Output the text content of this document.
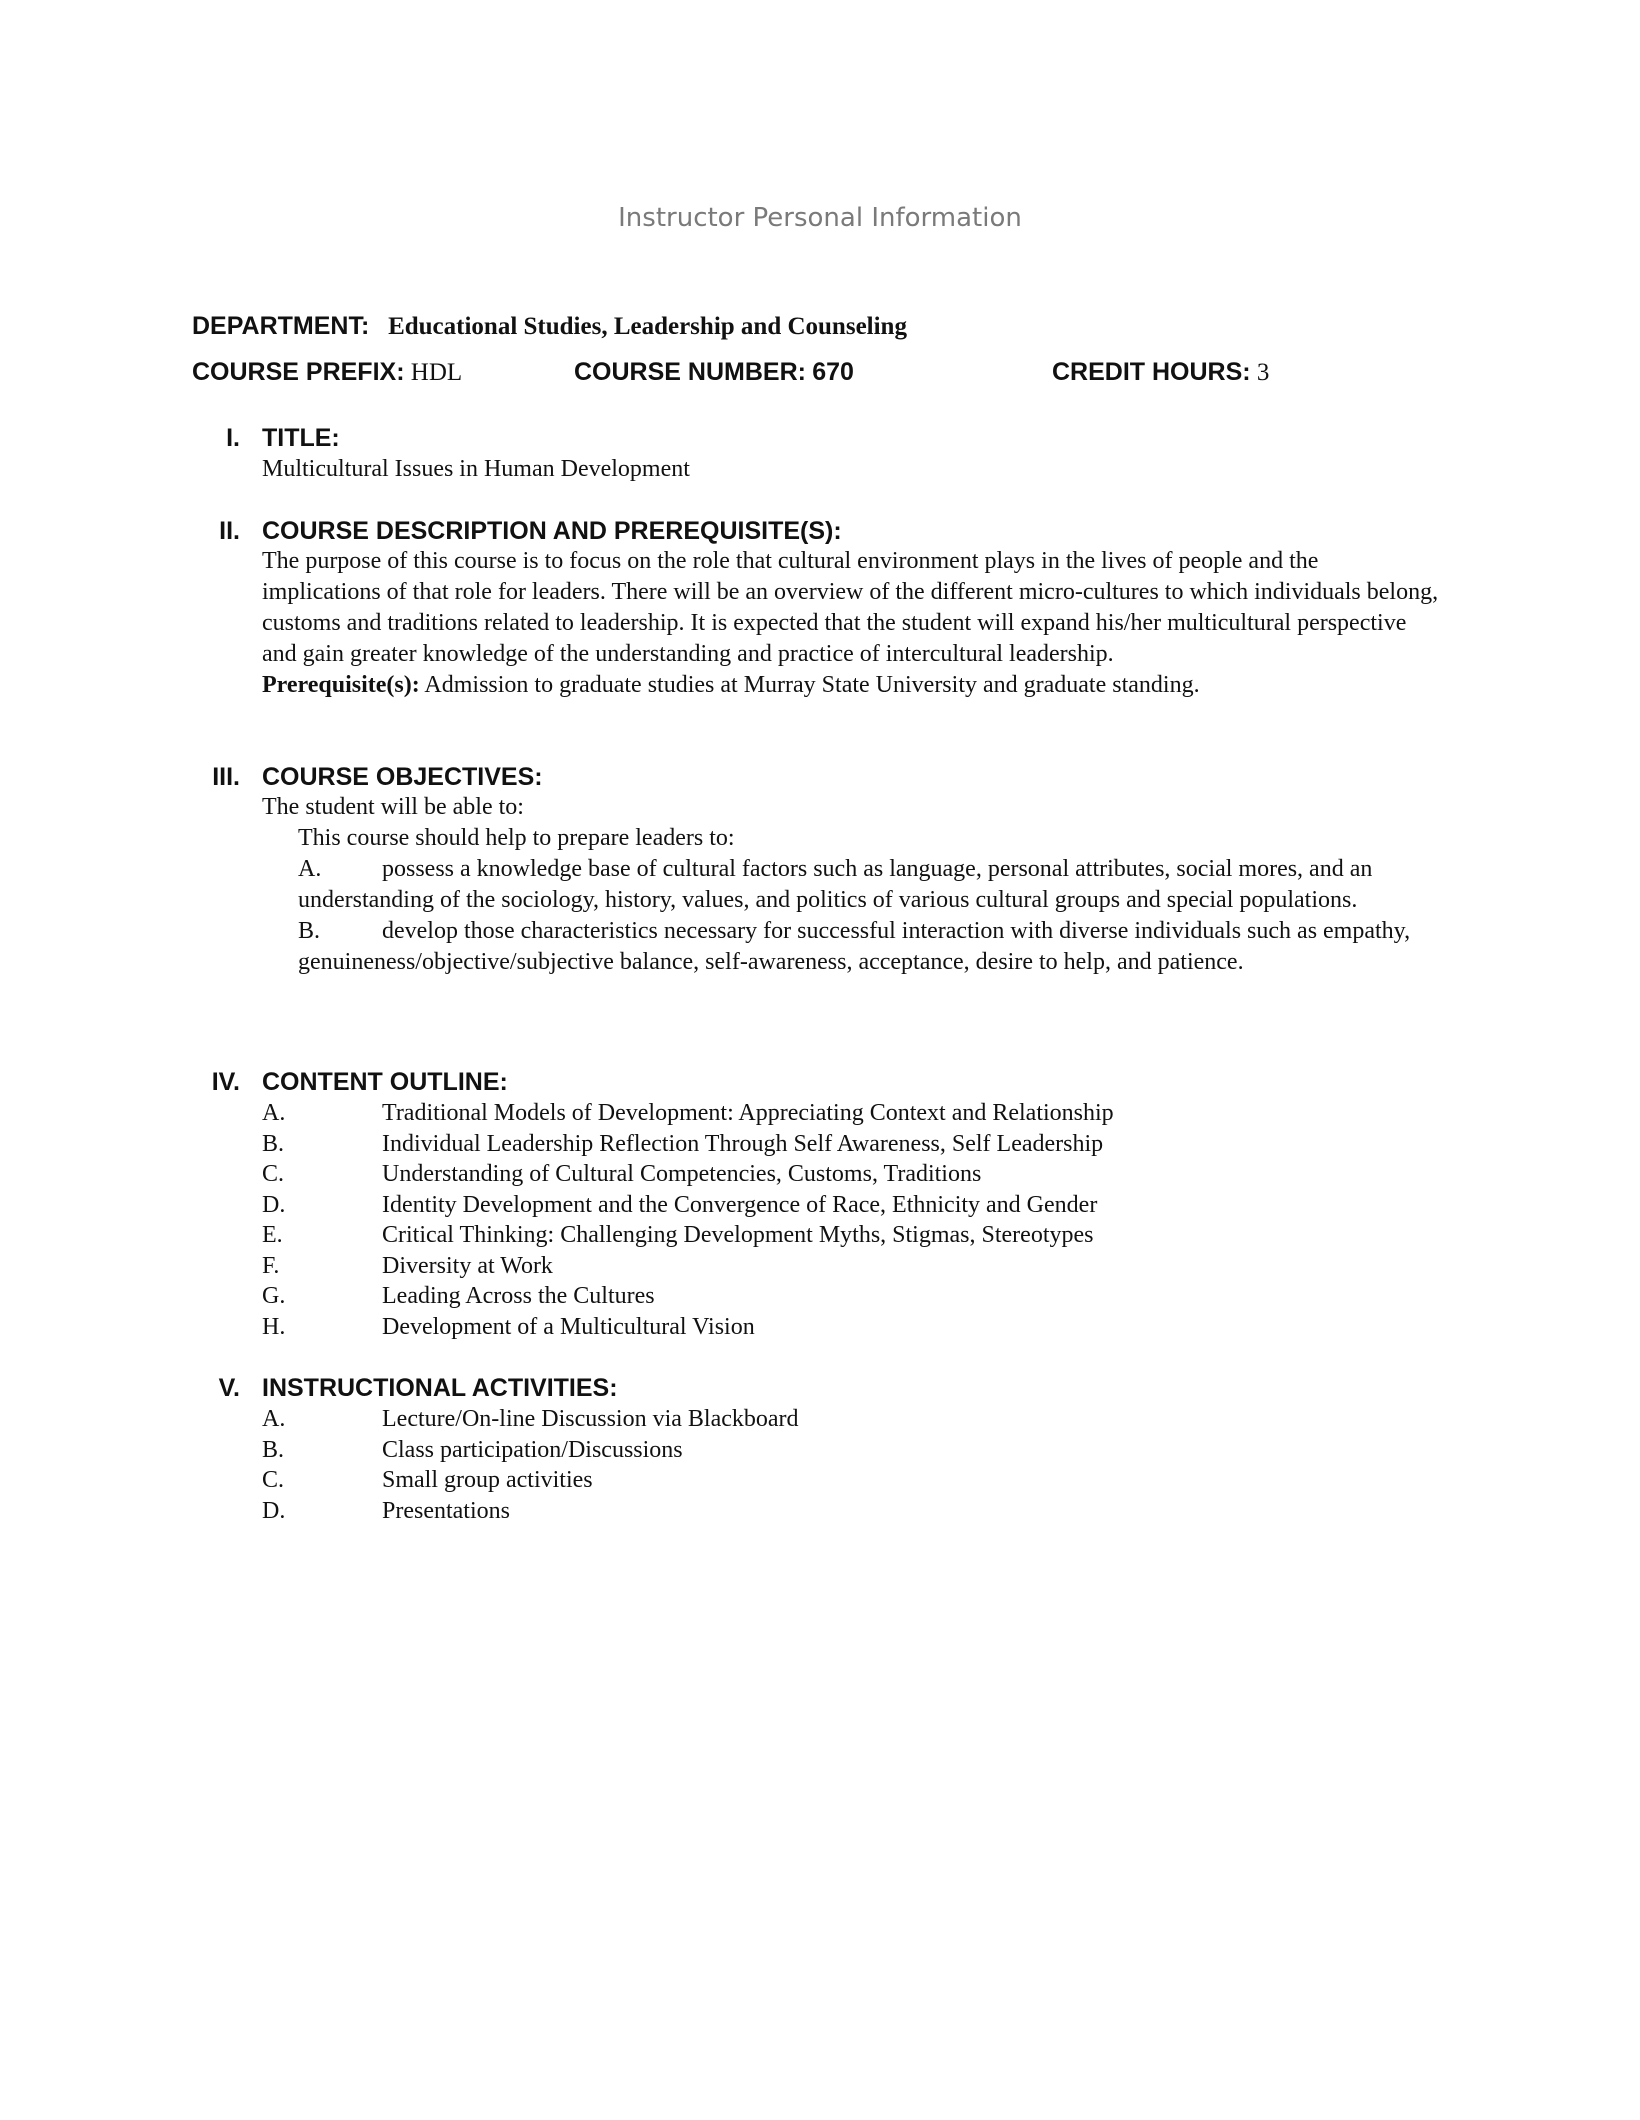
Instructor Personal Information
DEPARTMENT: Educational Studies, Leadership and Counseling
COURSE PREFIX: HDL	COURSE NUMBER: 670	CREDIT HOURS: 3
I. TITLE:
Multicultural Issues in Human Development
II. COURSE DESCRIPTION AND PREREQUISITE(S):
The purpose of this course is to focus on the role that cultural environment plays in the lives of people and the implications of that role for leaders. There will be an overview of the different micro-cultures to which individuals belong, customs and traditions related to leadership. It is expected that the student will expand his/her multicultural perspective and gain greater knowledge of the understanding and practice of intercultural leadership.
Prerequisite(s): Admission to graduate studies at Murray State University and graduate standing.
III. COURSE OBJECTIVES:
The student will be able to:
This course should help to prepare leaders to:
A.	possess a knowledge base of cultural factors such as language, personal attributes, social mores, and an understanding of the sociology, history, values, and politics of various cultural groups and special populations.
B.	develop those characteristics necessary for successful interaction with diverse individuals such as empathy, genuineness/objective/subjective balance, self-awareness, acceptance, desire to help, and patience.
IV. CONTENT OUTLINE:
A.	Traditional Models of Development: Appreciating Context and Relationship
B.	Individual Leadership Reflection Through Self Awareness, Self Leadership
C.	Understanding of Cultural Competencies, Customs, Traditions
D.	Identity Development and the Convergence of Race, Ethnicity and Gender
E.	Critical Thinking: Challenging Development Myths, Stigmas, Stereotypes
F.	Diversity at Work
G.	Leading Across the Cultures
H.	Development of a Multicultural Vision
V. INSTRUCTIONAL ACTIVITIES:
A.	Lecture/On-line Discussion via Blackboard
B.	Class participation/Discussions
C.	Small group activities
D.	Presentations
